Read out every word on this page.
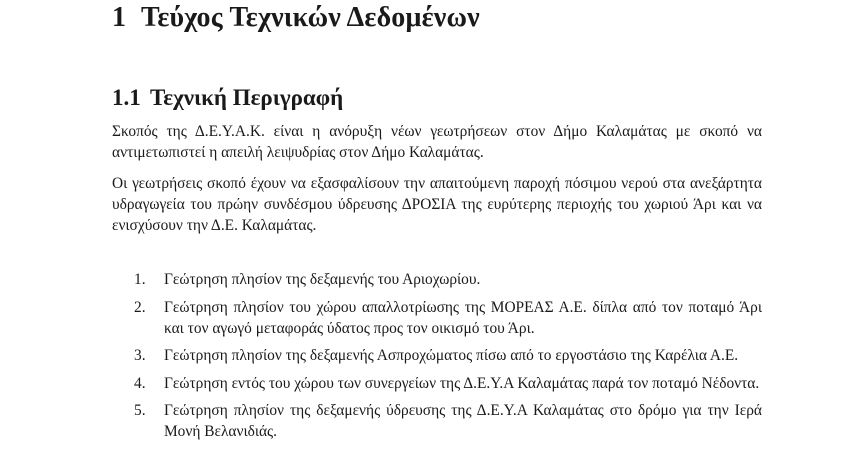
1 Τεύχος Τεχνικών Δεδομένων
1.1 Τεχνική Περιγραφή

Σκοπός της Δ.Ε.Υ.Α.Κ. είναι η ανόρυξη νέων γεωτρήσεων στον Δήμο Καλαμάτας με σκοπό να αντιμετωπιστεί η απειλή λειψυδρίας στον Δήμο Καλαμάτας.

Οι γεωτρήσεις σκοπό έχουν να εξασφαλίσουν την απαιτούμενη παροχή πόσιμου νερού στα ανεξάρτητα υδραγωγεία του πρώην συνδέσμου ύδρευσης ΔΡΟΣΙΑ της ευρύτερης περιοχής του χωριού Άρι και να ενισχύσουν την Δ.Ε. Καλαμάτας.

1. Γεώτρηση πλησίον της δεξαμενής του Αριοχωρίου.
2. Γεώτρηση πλησίον του χώρου απαλλοτρίωσης της ΜΟΡΕΑΣ Α.Ε. δίπλα από τον ποταμό Άρι και τον αγωγό μεταφοράς ύδατος προς τον οικισμό του Άρι.
3. Γεώτρηση πλησίον της δεξαμενής Ασπροχώματος πίσω από το εργοστάσιο της Καρέλια Α.Ε.
4. Γεώτρηση εντός του χώρου των συνεργείων της Δ.Ε.Υ.Α Καλαμάτας παρά τον ποταμό Νέδοντα.
5. Γεώτρηση πλησίον της δεξαμενής ύδρευσης της Δ.Ε.Υ.Α Καλαμάτας στο δρόμο για την Ιερά Μονή Βελανιδιάς.
